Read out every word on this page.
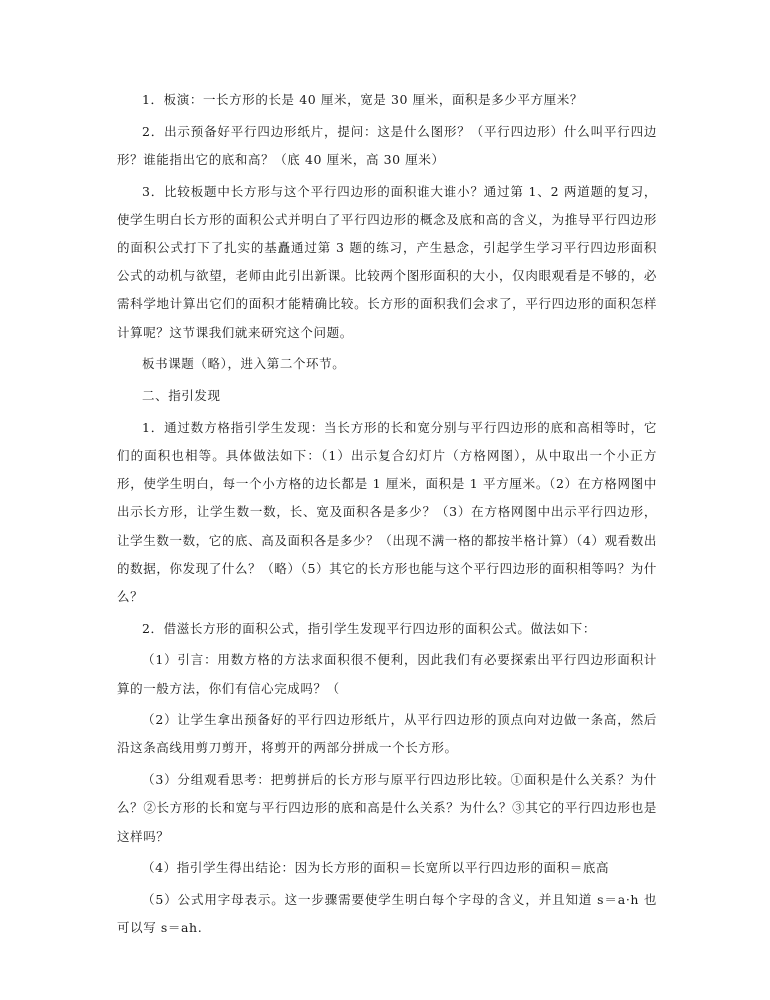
1．板演：一长方形的长是 40 厘米，宽是 30 厘米，面积是多少平方厘米？

2．出示预备好平行四边形纸片，提问：这是什么图形？（平行四边形）什么叫平行四边形？谁能指出它的底和高？（底 40 厘米，高 30 厘米）

3．比较板题中长方形与这个平行四边形的面积谁大谁小？通过第 1、2 两道题的复习，使学生明白长方形的面积公式并明白了平行四边形的概念及底和高的含义，为推导平行四边形的面积公式打下了扎实的基矗通过第 3 题的练习，产生悬念，引起学生学习平行四边形面积公式的动机与欲望，老师由此引出新课。比较两个图形面积的大小，仅肉眼观看是不够的，必需科学地计算出它们的面积才能精确比较。长方形的面积我们会求了，平行四边形的面积怎样计算呢？这节课我们就来研究这个问题。

板书课题（略），进入第二个环节。

二、指引发现

1．通过数方格指引学生发现：当长方形的长和宽分别与平行四边形的底和高相等时，它们的面积也相等。具体做法如下：（1）出示复合幻灯片（方格网图），从中取出一个小正方形，使学生明白，每一个小方格的边长都是 1 厘米，面积是 1 平方厘米。（2）在方格网图中出示长方形，让学生数一数，长、宽及面积各是多少？（3）在方格网图中出示平行四边形，让学生数一数，它的底、高及面积各是多少？（出现不满一格的都按半格计算）（4）观看数出的数据，你发现了什么？（略）（5）其它的长方形也能与这个平行四边形的面积相等吗？为什么？

2．借滋长方形的面积公式，指引学生发现平行四边形的面积公式。做法如下：

（1）引言：用数方格的方法求面积很不便利，因此我们有必要探索出平行四边形面积计算的一般方法，你们有信心完成吗？（

（2）让学生拿出预备好的平行四边形纸片，从平行四边形的顶点向对边做一条高，然后沿这条高线用剪刀剪开，将剪开的两部分拼成一个长方形。

（3）分组观看思考：把剪拼后的长方形与原平行四边形比较。①面积是什么关系？为什么？②长方形的长和宽与平行四边形的底和高是什么关系？为什么？③其它的平行四边形也是这样吗？

（4）指引学生得出结论：因为长方形的面积＝长宽所以平行四边形的面积＝底高

（5）公式用字母表示。这一步骤需要使学生明白每个字母的含义，并且知道 s＝a·h 也可以写 s＝ah.
